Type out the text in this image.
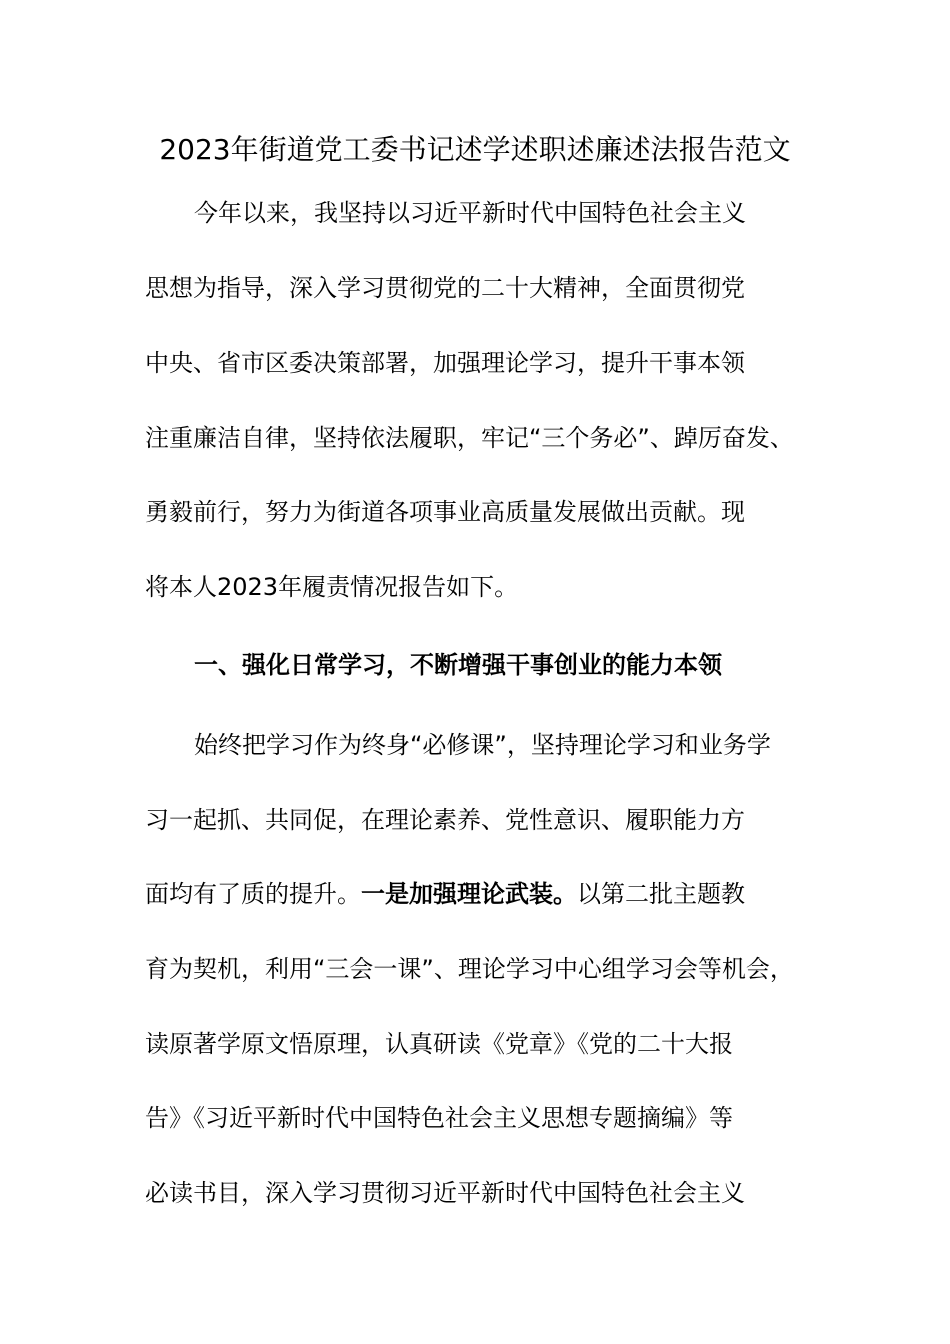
2023年街道党工委书记述学述职述廉述法报告范文

今年以来，我坚持以习近平新时代中国特色社会主义

思想为指导，深入学习贯彻党的二十大精神，全面贯彻党

中央、省市区委决策部署，加强理论学习，提升干事本领

注重廉洁自律，坚持依法履职，牢记“三个务必”、踔厉奋发、

勇毅前行，努力为街道各项事业高质量发展做出贡献。现

将本人2023年履责情况报告如下。

一、强化日常学习，不断增强干事创业的能力本领

始终把学习作为终身“必修课”，坚持理论学习和业务学

习一起抓、共同促，在理论素养、党性意识、履职能力方

面均有了质的提升。一是加强理论武装。以第二批主题教

育为契机，利用“三会一课”、理论学习中心组学习会等机会，

读原著学原文悟原理，认真研读《党章》《党的二十大报

告》《习近平新时代中国特色社会主义思想专题摘编》等

必读书目，深入学习贯彻习近平新时代中国特色社会主义
